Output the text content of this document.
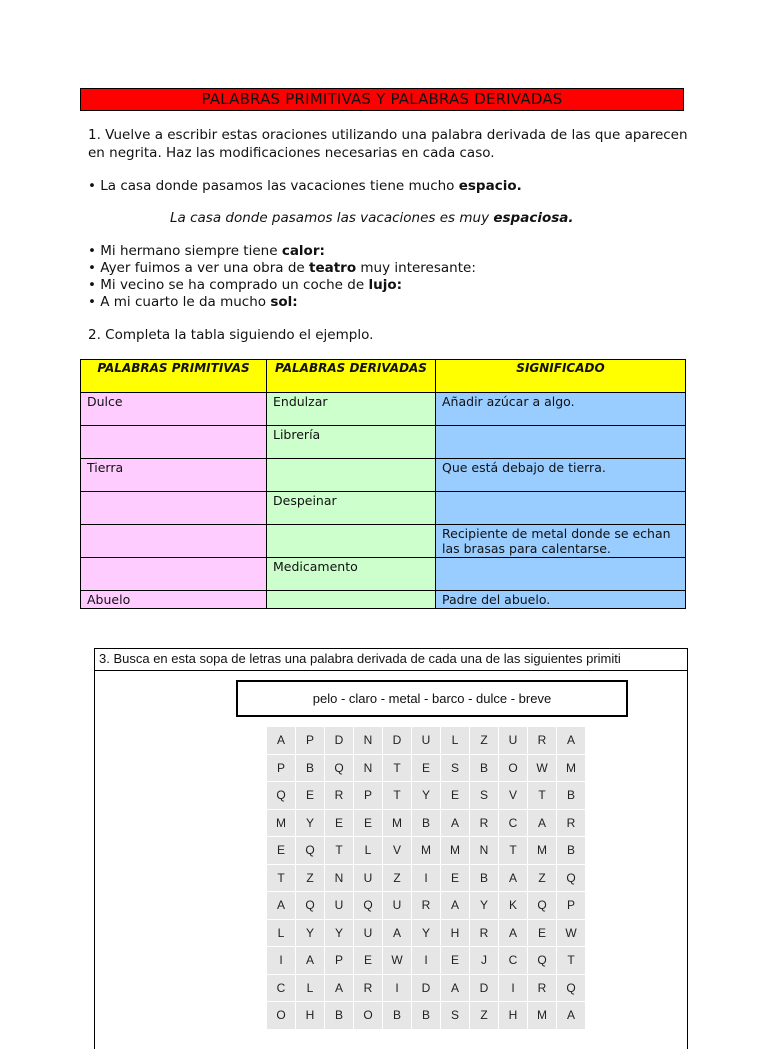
PALABRAS PRIMITIVAS Y PALABRAS DERIVADAS
1. Vuelve a escribir estas oraciones utilizando una palabra derivada de las que aparecen en negrita. Haz las modificaciones necesarias en cada caso.
• La casa donde pasamos las vacaciones tiene mucho espacio.
La casa donde pasamos las vacaciones es muy espaciosa.
• Mi hermano siempre tiene calor:
• Ayer fuimos a ver una obra de teatro muy interesante:
• Mi vecino se ha comprado un coche de lujo:
• A mi cuarto le da mucho sol:
2. Completa la tabla siguiendo el ejemplo.
PALABRAS PRIMITIVAS	PALABRAS DERIVADAS	SIGNIFICADO
Dulce	Endulzar	Añadir azúcar a algo.
	Librería	
Tierra		Que está debajo de tierra.
	Despeinar	
		Recipiente de metal donde se echan las brasas para calentarse.
	Medicamento	
Abuelo		Padre del abuelo.
3. Busca en esta sopa de letras una palabra derivada de cada una de las siguientes primiti
pelo - claro - metal - barco - dulce - breve
A	P	D	N	D	U	L	Z	U	R	A
P	B	Q	N	T	E	S	B	O	W	M
Q	E	R	P	T	Y	E	S	V	T	B
M	Y	E	E	M	B	A	R	C	A	R
E	Q	T	L	V	M	M	N	T	M	B
T	Z	N	U	Z	I	E	B	A	Z	Q
A	Q	U	Q	U	R	A	Y	K	Q	P
L	Y	Y	U	A	Y	H	R	A	E	W
I	A	P	E	W	I	E	J	C	Q	T
C	L	A	R	I	D	A	D	I	R	Q
O	H	B	O	B	B	S	Z	H	M	A
